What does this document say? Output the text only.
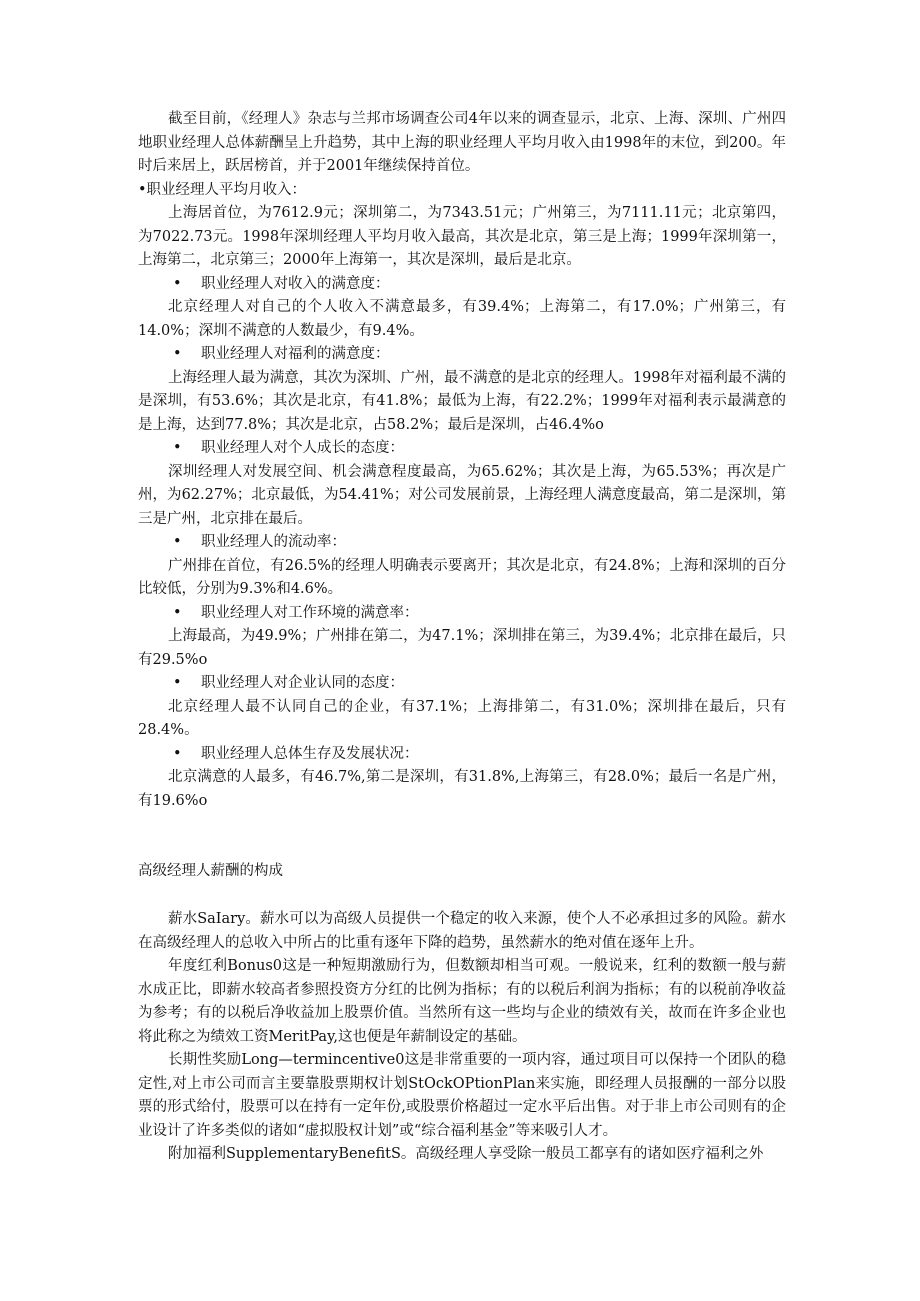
截至目前，《经理人》杂志与兰邦市场调查公司4年以来的调查显示，北京、上海、深圳、广州四地职业经理人总体薪酬呈上升趋势，其中上海的职业经理人平均月收入由1998年的末位，到200。年时后来居上，跃居榜首，并于2001年继续保持首位。

•职业经理人平均月收入：

上海居首位，为7612.9元；深圳第二，为7343.51元；广州第三，为7111.11元；北京第四，为7022.73元。1998年深圳经理人平均月收入最高，其次是北京，第三是上海；1999年深圳第一，上海第二，北京第三；2000年上海第一，其次是深圳，最后是北京。

• 职业经理人对收入的满意度：

北京经理人对自己的个人收入不满意最多，有39.4%；上海第二，有17.0%；广州第三，有14.0%；深圳不满意的人数最少，有9.4%。

• 职业经理人对福利的满意度：

上海经理人最为满意，其次为深圳、广州，最不满意的是北京的经理人。1998年对福利最不满的是深圳，有53.6%；其次是北京，有41.8%；最低为上海，有22.2%；1999年对福利表示最满意的是上海，达到77.8%；其次是北京，占58.2%；最后是深圳，占46.4%o

• 职业经理人对个人成长的态度：

深圳经理人对发展空间、机会满意程度最高，为65.62%；其次是上海，为65.53%；再次是广州，为62.27%；北京最低，为54.41%；对公司发展前景，上海经理人满意度最高，第二是深圳，第三是广州，北京排在最后。

• 职业经理人的流动率：

广州排在首位，有26.5%的经理人明确表示要离开；其次是北京，有24.8%；上海和深圳的百分比较低，分别为9.3%和4.6%。

• 职业经理人对工作环境的满意率：

上海最高，为49.9%；广州排在第二，为47.1%；深圳排在第三，为39.4%；北京排在最后，只有29.5%o

• 职业经理人对企业认同的态度：

北京经理人最不认同自己的企业，有37.1%；上海排第二，有31.0%；深圳排在最后，只有28.4%。

• 职业经理人总体生存及发展状况：

北京满意的人最多，有46.7%,第二是深圳，有31.8%,上海第三，有28.0%；最后一名是广州，有19.6%o

高级经理人薪酬的构成

薪水SaIary。薪水可以为高级人员提供一个稳定的收入来源，使个人不必承担过多的风险。薪水在高级经理人的总收入中所占的比重有逐年下降的趋势，虽然薪水的绝对值在逐年上升。

年度红利Bonus0这是一种短期激励行为，但数额却相当可观。一般说来，红利的数额一般与薪水成正比，即薪水较高者参照投资方分红的比例为指标；有的以税后利润为指标；有的以税前净收益为参考；有的以税后净收益加上股票价值。当然所有这一些均与企业的绩效有关，故而在许多企业也将此称之为绩效工资MeritPay,这也便是年薪制设定的基础。

长期性奖励Long—termincentive0这是非常重要的一项内容，通过项目可以保持一个团队的稳定性,对上市公司而言主要靠股票期权计划StOckOPtionPlan来实施，即经理人员报酬的一部分以股票的形式给付，股票可以在持有一定年份,或股票价格超过一定水平后出售。对于非上市公司则有的企业设计了许多类似的诸如“虚拟股权计划”或“综合福利基金”等来吸引人才。

附加福利SupplementaryBenefitS。高级经理人享受除一般员工都享有的诸如医疗福利之外
